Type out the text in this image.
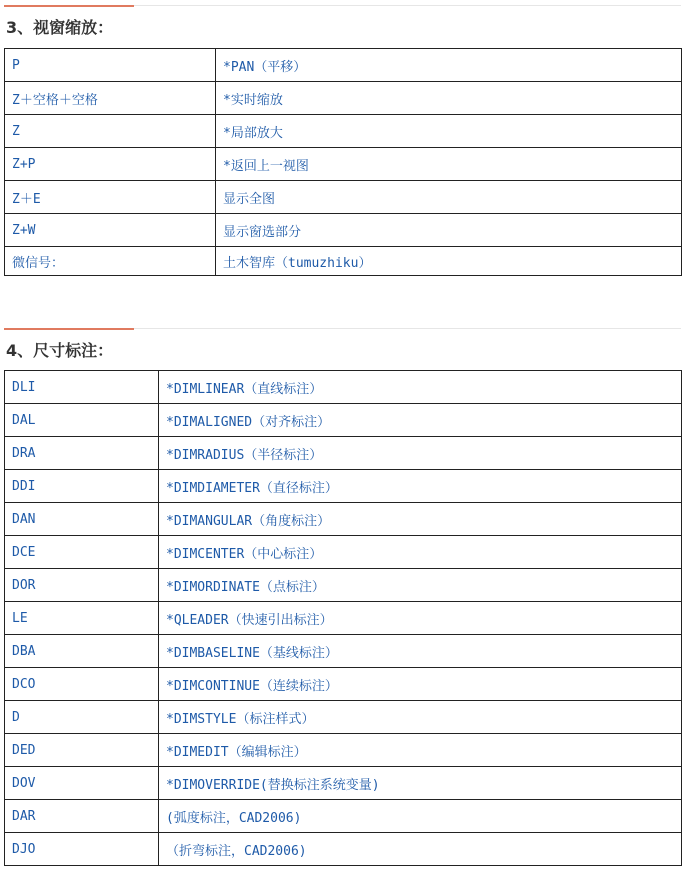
3、视窗缩放：
P	*PAN（平移）
Z＋空格＋空格	*实时缩放
Z	*局部放大
Z+P	*返回上一视图
Z＋E	显示全图
Z+W	显示窗选部分
微信号：	土木智库（tumuzhiku）
4、尺寸标注：
DLI	*DIMLINEAR（直线标注）
DAL	*DIMALIGNED（对齐标注）
DRA	*DIMRADIUS（半径标注）
DDI	*DIMDIAMETER（直径标注）
DAN	*DIMANGULAR（角度标注）
DCE	*DIMCENTER（中心标注）
DOR	*DIMORDINATE（点标注）
LE	*QLEADER（快速引出标注）
DBA	*DIMBASELINE（基线标注）
DCO	*DIMCONTINUE（连续标注）
D	*DIMSTYLE（标注样式）
DED	*DIMEDIT（编辑标注）
DOV	*DIMOVERRIDE(替换标注系统变量)
DAR	(弧度标注，CAD2006)
DJO	（折弯标注，CAD2006)
